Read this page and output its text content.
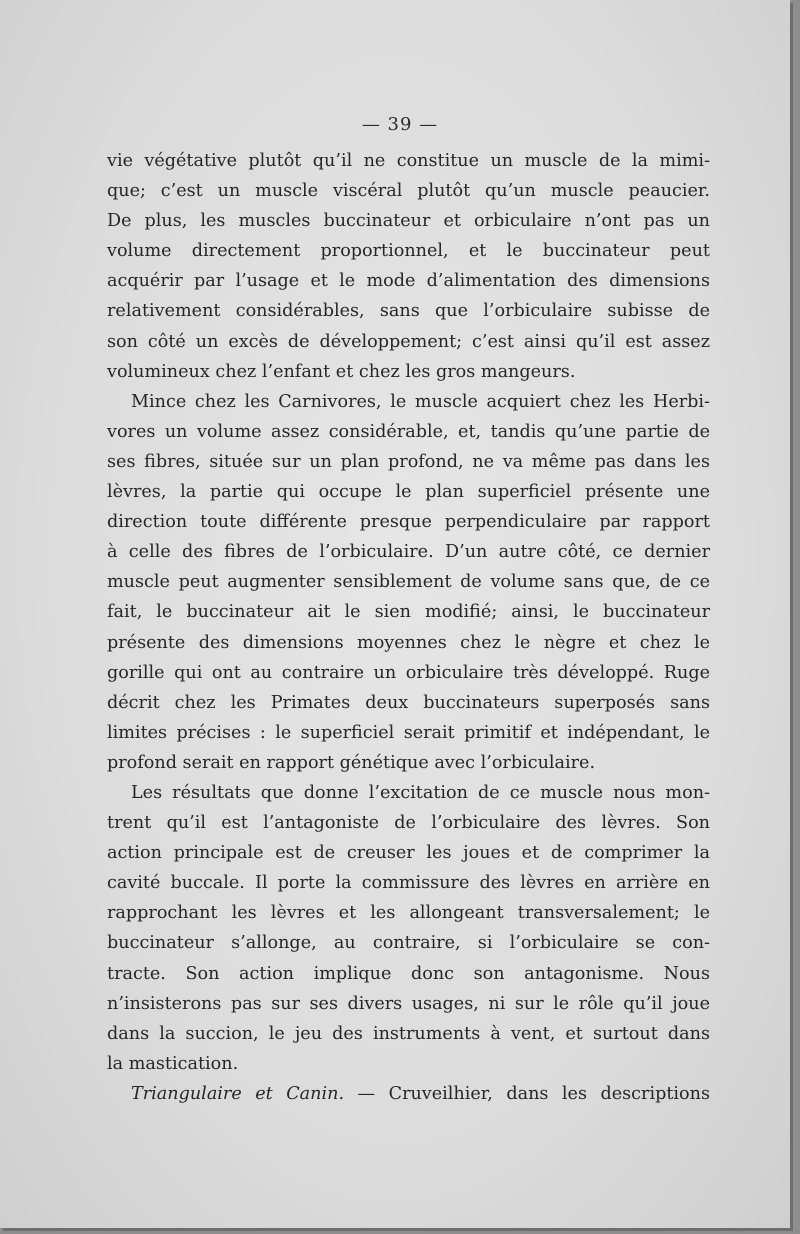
— 39 —
vie végétative plutôt qu’il ne constitue un muscle de la mimi-
que; c’est un muscle viscéral plutôt qu’un muscle peaucier.
De plus, les muscles buccinateur et orbiculaire n’ont pas un
volume directement proportionnel, et le buccinateur peut
acquérir par l’usage et le mode d’alimentation des dimensions
relativement considérables, sans que l’orbiculaire subisse de
son côté un excès de développement; c’est ainsi qu’il est assez
volumineux chez l’enfant et chez les gros mangeurs.
Mince chez les Carnivores, le muscle acquiert chez les Herbi-
vores un volume assez considérable, et, tandis qu’une partie de
ses fibres, située sur un plan profond, ne va même pas dans les
lèvres, la partie qui occupe le plan superficiel présente une
direction toute différente presque perpendiculaire par rapport
à celle des fibres de l’orbiculaire. D’un autre côté, ce dernier
muscle peut augmenter sensiblement de volume sans que, de ce
fait, le buccinateur ait le sien modifié; ainsi, le buccinateur
présente des dimensions moyennes chez le nègre et chez le
gorille qui ont au contraire un orbiculaire très développé. Ruge
décrit chez les Primates deux buccinateurs superposés sans
limites précises : le superficiel serait primitif et indépendant, le
profond serait en rapport génétique avec l’orbiculaire.
Les résultats que donne l’excitation de ce muscle nous mon-
trent qu’il est l’antagoniste de l’orbiculaire des lèvres. Son
action principale est de creuser les joues et de comprimer la
cavité buccale. Il porte la commissure des lèvres en arrière en
rapprochant les lèvres et les allongeant transversalement; le
buccinateur s’allonge, au contraire, si l’orbiculaire se con-
tracte. Son action implique donc son antagonisme. Nous
n’insisterons pas sur ses divers usages, ni sur le rôle qu’il joue
dans la succion, le jeu des instruments à vent, et surtout dans
la mastication.
Triangulaire et Canin. — Cruveilhier, dans les descriptions
